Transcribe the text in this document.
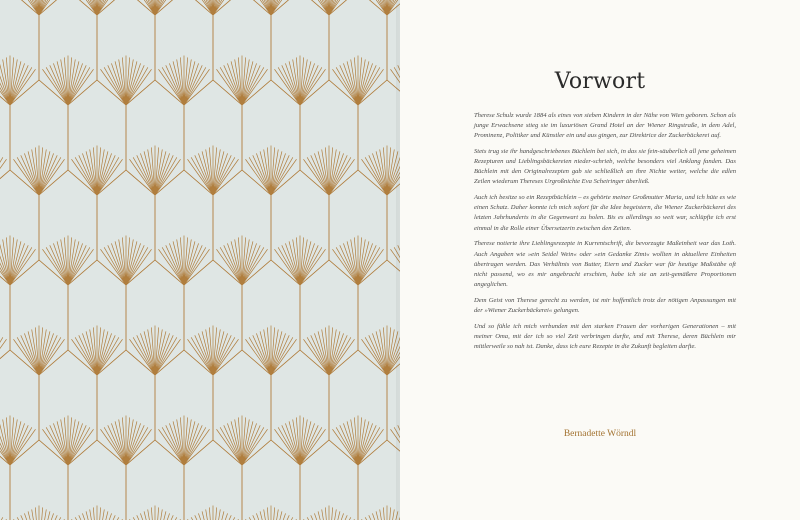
Vorwort

Therese Schulz wurde 1884 als eines von sieben Kindern in der Nähe von Wien geboren. Schon als junge Erwachsene stieg sie im luxuriösen Grand Hotel an der Wiener Ringstraße, in dem Adel, Prominenz, Politiker und Künstler ein und aus gingen, zur Direktrice der Zuckerbäckerei auf.

Stets trug sie ihr handgeschriebenes Büchlein bei sich, in das sie fein-säuberlich all jene geheimen Rezepturen und Lieblingsbäckereien nieder-schrieb, welche besonders viel Anklang fanden. Das Büchlein mit den Originalrezepten gab sie schließlich an ihre Nichte weiter, welche die edlen Zeilen wiederum Thereses Urgroßnichte Eva Scheiringer überließ.

Auch ich besitze so ein Rezeptbüchlein – es gehörte meiner Großmutter Maria, und ich hüte es wie einen Schatz. Daher konnte ich mich sofort für die Idee begeistern, die Wiener Zuckerbäckerei des letzten Jahrhunderts in die Gegenwart zu holen. Bis es allerdings so weit war, schlüpfte ich erst einmal in die Rolle einer Übersetzerin zwischen den Zeiten.

Therese notierte ihre Lieblingsrezepte in Kurrentschrift, die bevorzugte Maßeinheit war das Loth. Auch Angaben wie »ein Seidel Wein« oder »ein Gedanke Zimt« wollten in aktuellere Einheiten übertragen werden. Das Verhältnis von Butter, Eiern und Zucker war für heutige Maßstäbe oft nicht passend, wo es mir angebracht erschien, habe ich sie an zeit-gemäßere Proportionen angeglichen.

Dem Geist von Therese gerecht zu werden, ist mir hoffentlich trotz der nötigen Anpassungen mit der »Wiener Zuckerbäckerei« gelungen.

Und so fühle ich mich verbunden mit den starken Frauen der vorherigen Generationen – mit meiner Oma, mit der ich so viel Zeit verbringen durfte, und mit Therese, deren Büchlein mir mittlerweile so nah ist. Danke, dass ich eure Rezepte in die Zukunft begleiten darfte.

Bernadette Wörndl
